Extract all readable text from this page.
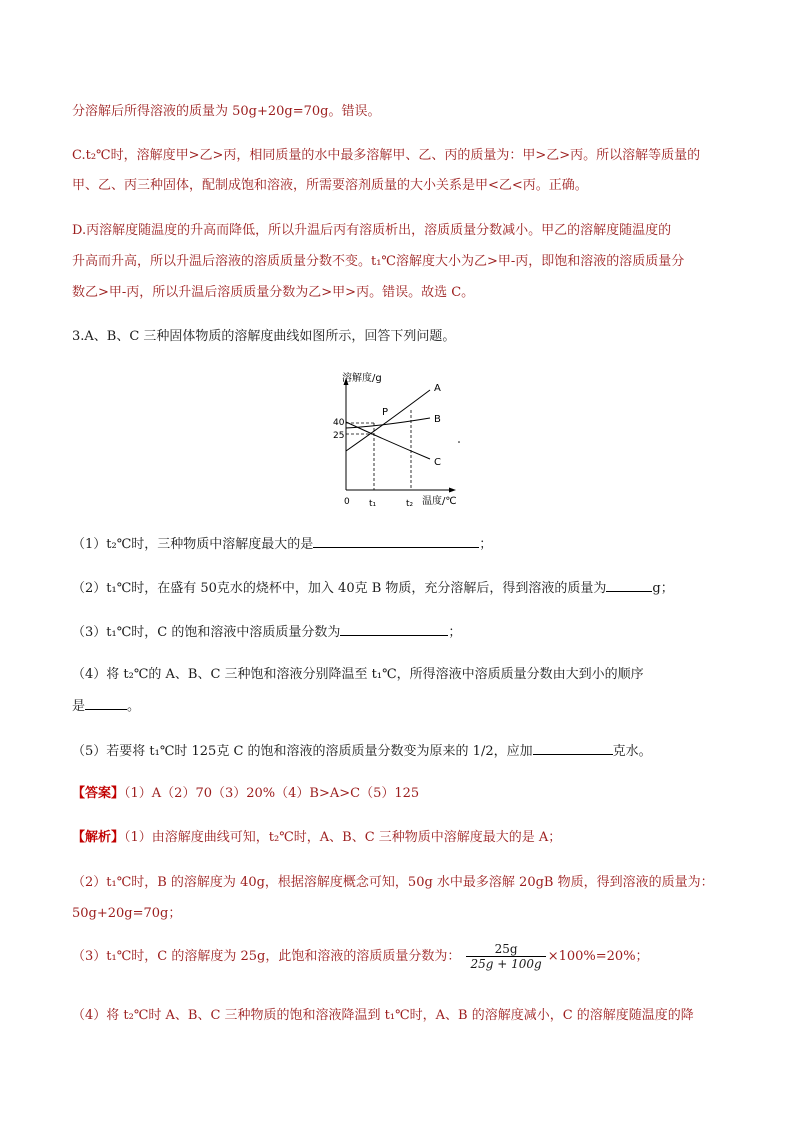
分溶解后所得溶液的质量为 50g+20g=70g。错误。
C.t₂℃时，溶解度甲>乙>丙，相同质量的水中最多溶解甲、乙、丙的质量为：甲>乙>丙。所以溶解等质量的
甲、乙、丙三种固体，配制成饱和溶液，所需要溶剂质量的大小关系是甲<乙<丙。正确。
D.丙溶解度随温度的升高而降低，所以升温后丙有溶质析出，溶质质量分数减小。甲乙的溶解度随温度的
升高而升高，所以升温后溶液的溶质质量分数不变。t₁℃溶解度大小为乙>甲-丙，即饱和溶液的溶质质量分
数乙>甲-丙，所以升温后溶质质量分数为乙>甲>丙。错误。故选 C。
3.A、B、C 三种固体物质的溶解度曲线如图所示，回答下列问题。
溶解度/g
温度/℃
0
40
25
t₁	t₂
P
A
B
C
（1）t₂℃时，三种物质中溶解度最大的是	；
（2）t₁℃时，在盛有 50克水的烧杯中，加入 40克 B 物质，充分溶解后，得到溶液的质量为	g；
（3）t₁℃时，C 的饱和溶液中溶质质量分数为	；
（4）将 t₂℃的 A、B、C 三种饱和溶液分别降温至 t₁℃，所得溶液中溶质质量分数由大到小的顺序
是	。
（5）若要将 t₁℃时 125克 C 的饱和溶液的溶质质量分数变为原来的 1/2，应加	克水。
【答案】（1）A（2）70（3）20%（4）B>A>C（5）125
【解析】（1）由溶解度曲线可知，t₂℃时，A、B、C 三种物质中溶解度最大的是 A；
（2）t₁℃时，B 的溶解度为 40g，根据溶解度概念可知，50g 水中最多溶解 20gB 物质，得到溶液的质量为：
50g+20g=70g；
（3）t₁℃时，C 的溶解度为 25g，此饱和溶液的溶质质量分数为： $\frac{25g}{25g + 100g} \times 100\%=20\%$；
（4）将 t₂℃时 A、B、C 三种物质的饱和溶液降温到 t₁℃时，A、B 的溶解度减小，C 的溶解度随温度的降
